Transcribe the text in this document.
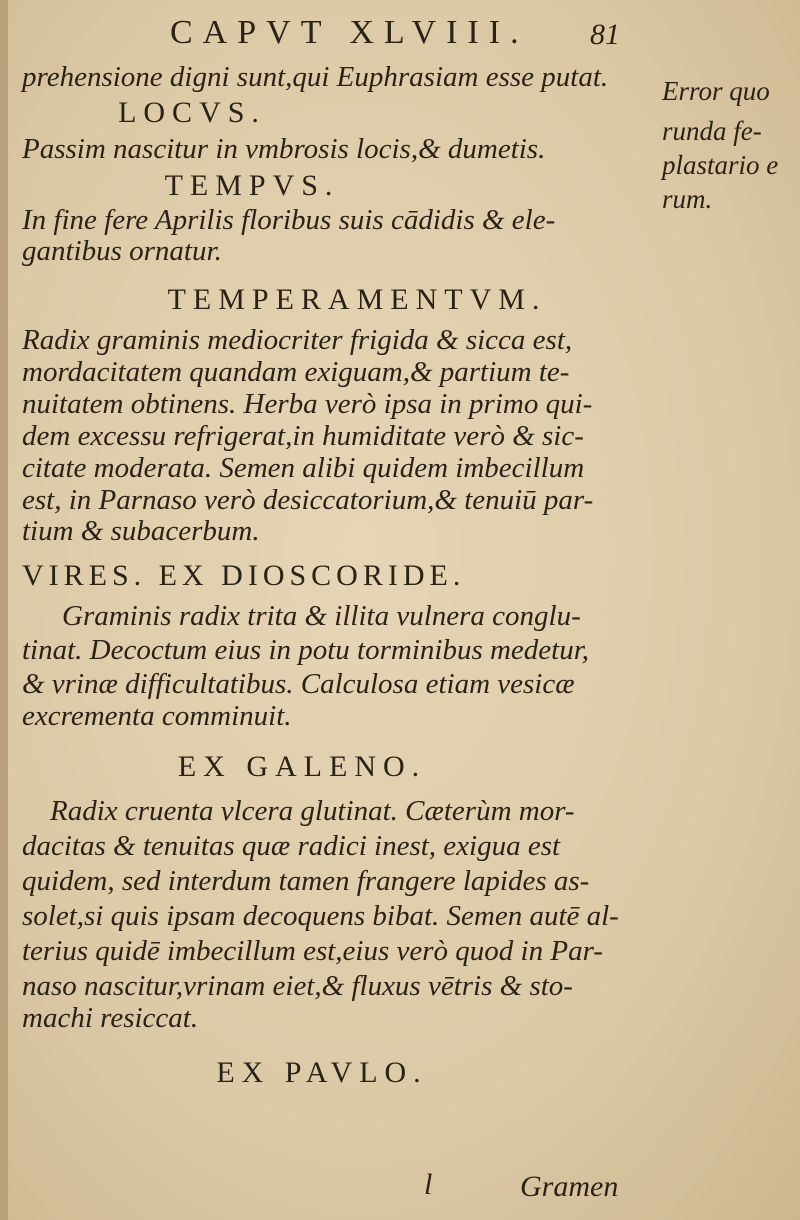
CAPVT XLVIII. 81
prehensione digni sunt,qui Euphrasiam esse putat.
LOCVS.
Passim nascitur in vmbrosis locis,& dumetis.
TEMPVS.
In fine fere Aprilis floribus suis cādidis & ele-
gantibus ornatur.
TEMPERAMENTVM.
Radix graminis mediocriter frigida & sicca est,
mordacitatem quandam exiguam,& partium te-
nuitatem obtinens. Herba verò ipsa in primo qui-
dem excessu refrigerat,in humiditate verò & sic-
citate moderata. Semen alibi quidem imbecillum
est, in Parnaso verò desiccatorium,& tenuiū par-
tium & subacerbum.
VIRES. EX DIOSCORIDE.
Graminis radix trita & illita vulnera conglu-
tinat. Decoctum eius in potu torminibus medetur,
& vrinæ difficultatibus. Calculosa etiam vesicæ
excrementa comminuit.
EX GALENO.
Radix cruenta vlcera glutinat. Cæterùm mor-
dacitas & tenuitas quæ radici inest, exigua est
quidem, sed interdum tamen frangere lapides as-
solet,si quis ipsam decoquens bibat. Semen autē al-
terius quidē imbecillum est,eius verò quod in Par-
naso nascitur,vrinam eiet,& fluxus vētris & sto-
machi resiccat.
EX PAVLO.
Error quo
runda fe-
plastario e
rum.
l	Gramen
